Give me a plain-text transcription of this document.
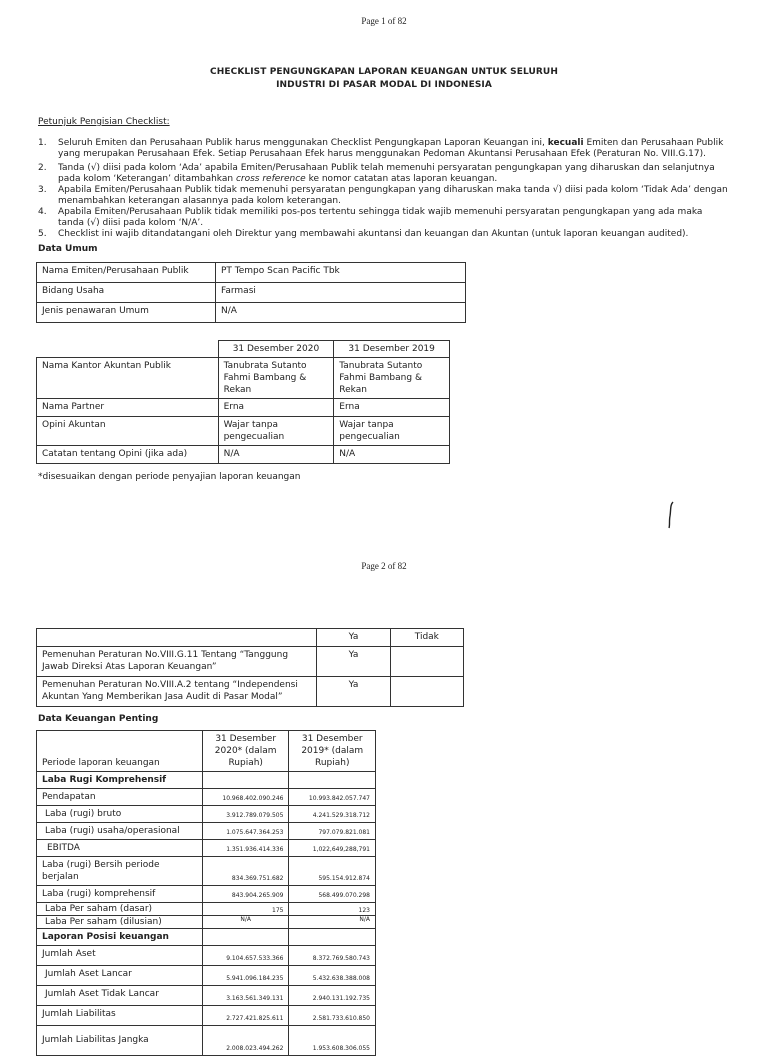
Page 1 of 82
CHECKLIST PENGUNGKAPAN LAPORAN KEUANGAN UNTUK SELURUH
INDUSTRI DI PASAR MODAL DI INDONESIA
Petunjuk Pengisian Checklist:
1. Seluruh Emiten dan Perusahaan Publik harus menggunakan Checklist Pengungkapan Laporan Keuangan ini, kecuali Emiten dan Perusahaan Publik yang merupakan Perusahaan Efek. Setiap Perusahaan Efek harus menggunakan Pedoman Akuntansi Perusahaan Efek (Peraturan No. VIII.G.17).
2. Tanda (√) diisi pada kolom ‘Ada’ apabila Emiten/Perusahaan Publik telah memenuhi persyaratan pengungkapan yang diharuskan dan selanjutnya pada kolom ‘Keterangan’ ditambahkan cross reference ke nomor catatan atas laporan keuangan.
3. Apabila Emiten/Perusahaan Publik tidak memenuhi persyaratan pengungkapan yang diharuskan maka tanda √) diisi pada kolom ‘Tidak Ada’ dengan menambahkan keterangan alasannya pada kolom keterangan.
4. Apabila Emiten/Perusahaan Publik tidak memiliki pos-pos tertentu sehingga tidak wajib memenuhi persyaratan pengungkapan yang ada maka tanda (√) diisi pada kolom ‘N/A’.
5. Checklist ini wajib ditandatangani oleh Direktur yang membawahi akuntansi dan keuangan dan Akuntan (untuk laporan keuangan audited).
Data Umum
Nama Emiten/Perusahaan Publik	PT Tempo Scan Pacific Tbk
Bidang Usaha	Farmasi
Jenis penawaran Umum	N/A
	31 Desember 2020	31 Desember 2019
Nama Kantor Akuntan Publik	Tanubrata Sutanto Fahmi Bambang & Rekan	Tanubrata Sutanto Fahmi Bambang & Rekan
Nama Partner	Erna	Erna
Opini Akuntan	Wajar tanpa pengecualian	Wajar tanpa pengecualian
Catatan tentang Opini (jika ada)	N/A	N/A
*disesuaikan dengan periode penyajian laporan keuangan
Page 2 of 82
	Ya	Tidak
Pemenuhan Peraturan No.VIII.G.11 Tentang “Tanggung Jawab Direksi Atas Laporan Keuangan”	Ya	
Pemenuhan Peraturan No.VIII.A.2 tentang “Independensi Akuntan Yang Memberikan Jasa Audit di Pasar Modal”	Ya	
Data Keuangan Penting
Periode laporan keuangan	31 Desember 2020* (dalam Rupiah)	31 Desember 2019* (dalam Rupiah)
Laba Rugi Komprehensif		
Pendapatan	10.968.402.090.246	10.993.842.057.747
Laba (rugi) bruto	3.912.789.079.505	4.241.529.318.712
Laba (rugi) usaha/operasional	1.075.647.364.253	797.079.821.081
EBITDA	1.351.936.414.336	1,022,649,288,791
Laba (rugi) Bersih periode berjalan	834.369.751.682	595.154.912.874
Laba (rugi) komprehensif	843.904.265.909	568.499.070.298
Laba Per saham (dasar)	175	123
Laba Per saham (dilusian)	N/A	N/A
Laporan Posisi keuangan		
Jumlah Aset	9.104.657.533.366	8.372.769.580.743
Jumlah Aset Lancar	5.941.096.184.235	5.432.638.388.008
Jumlah Aset Tidak Lancar	3.163.561.349.131	2.940.131.192.735
Jumlah Liabilitas	2.727.421.825.611	2.581.733.610.850
Jumlah Liabilitas Jangka	2.008.023.494.262	1.953.608.306.055
